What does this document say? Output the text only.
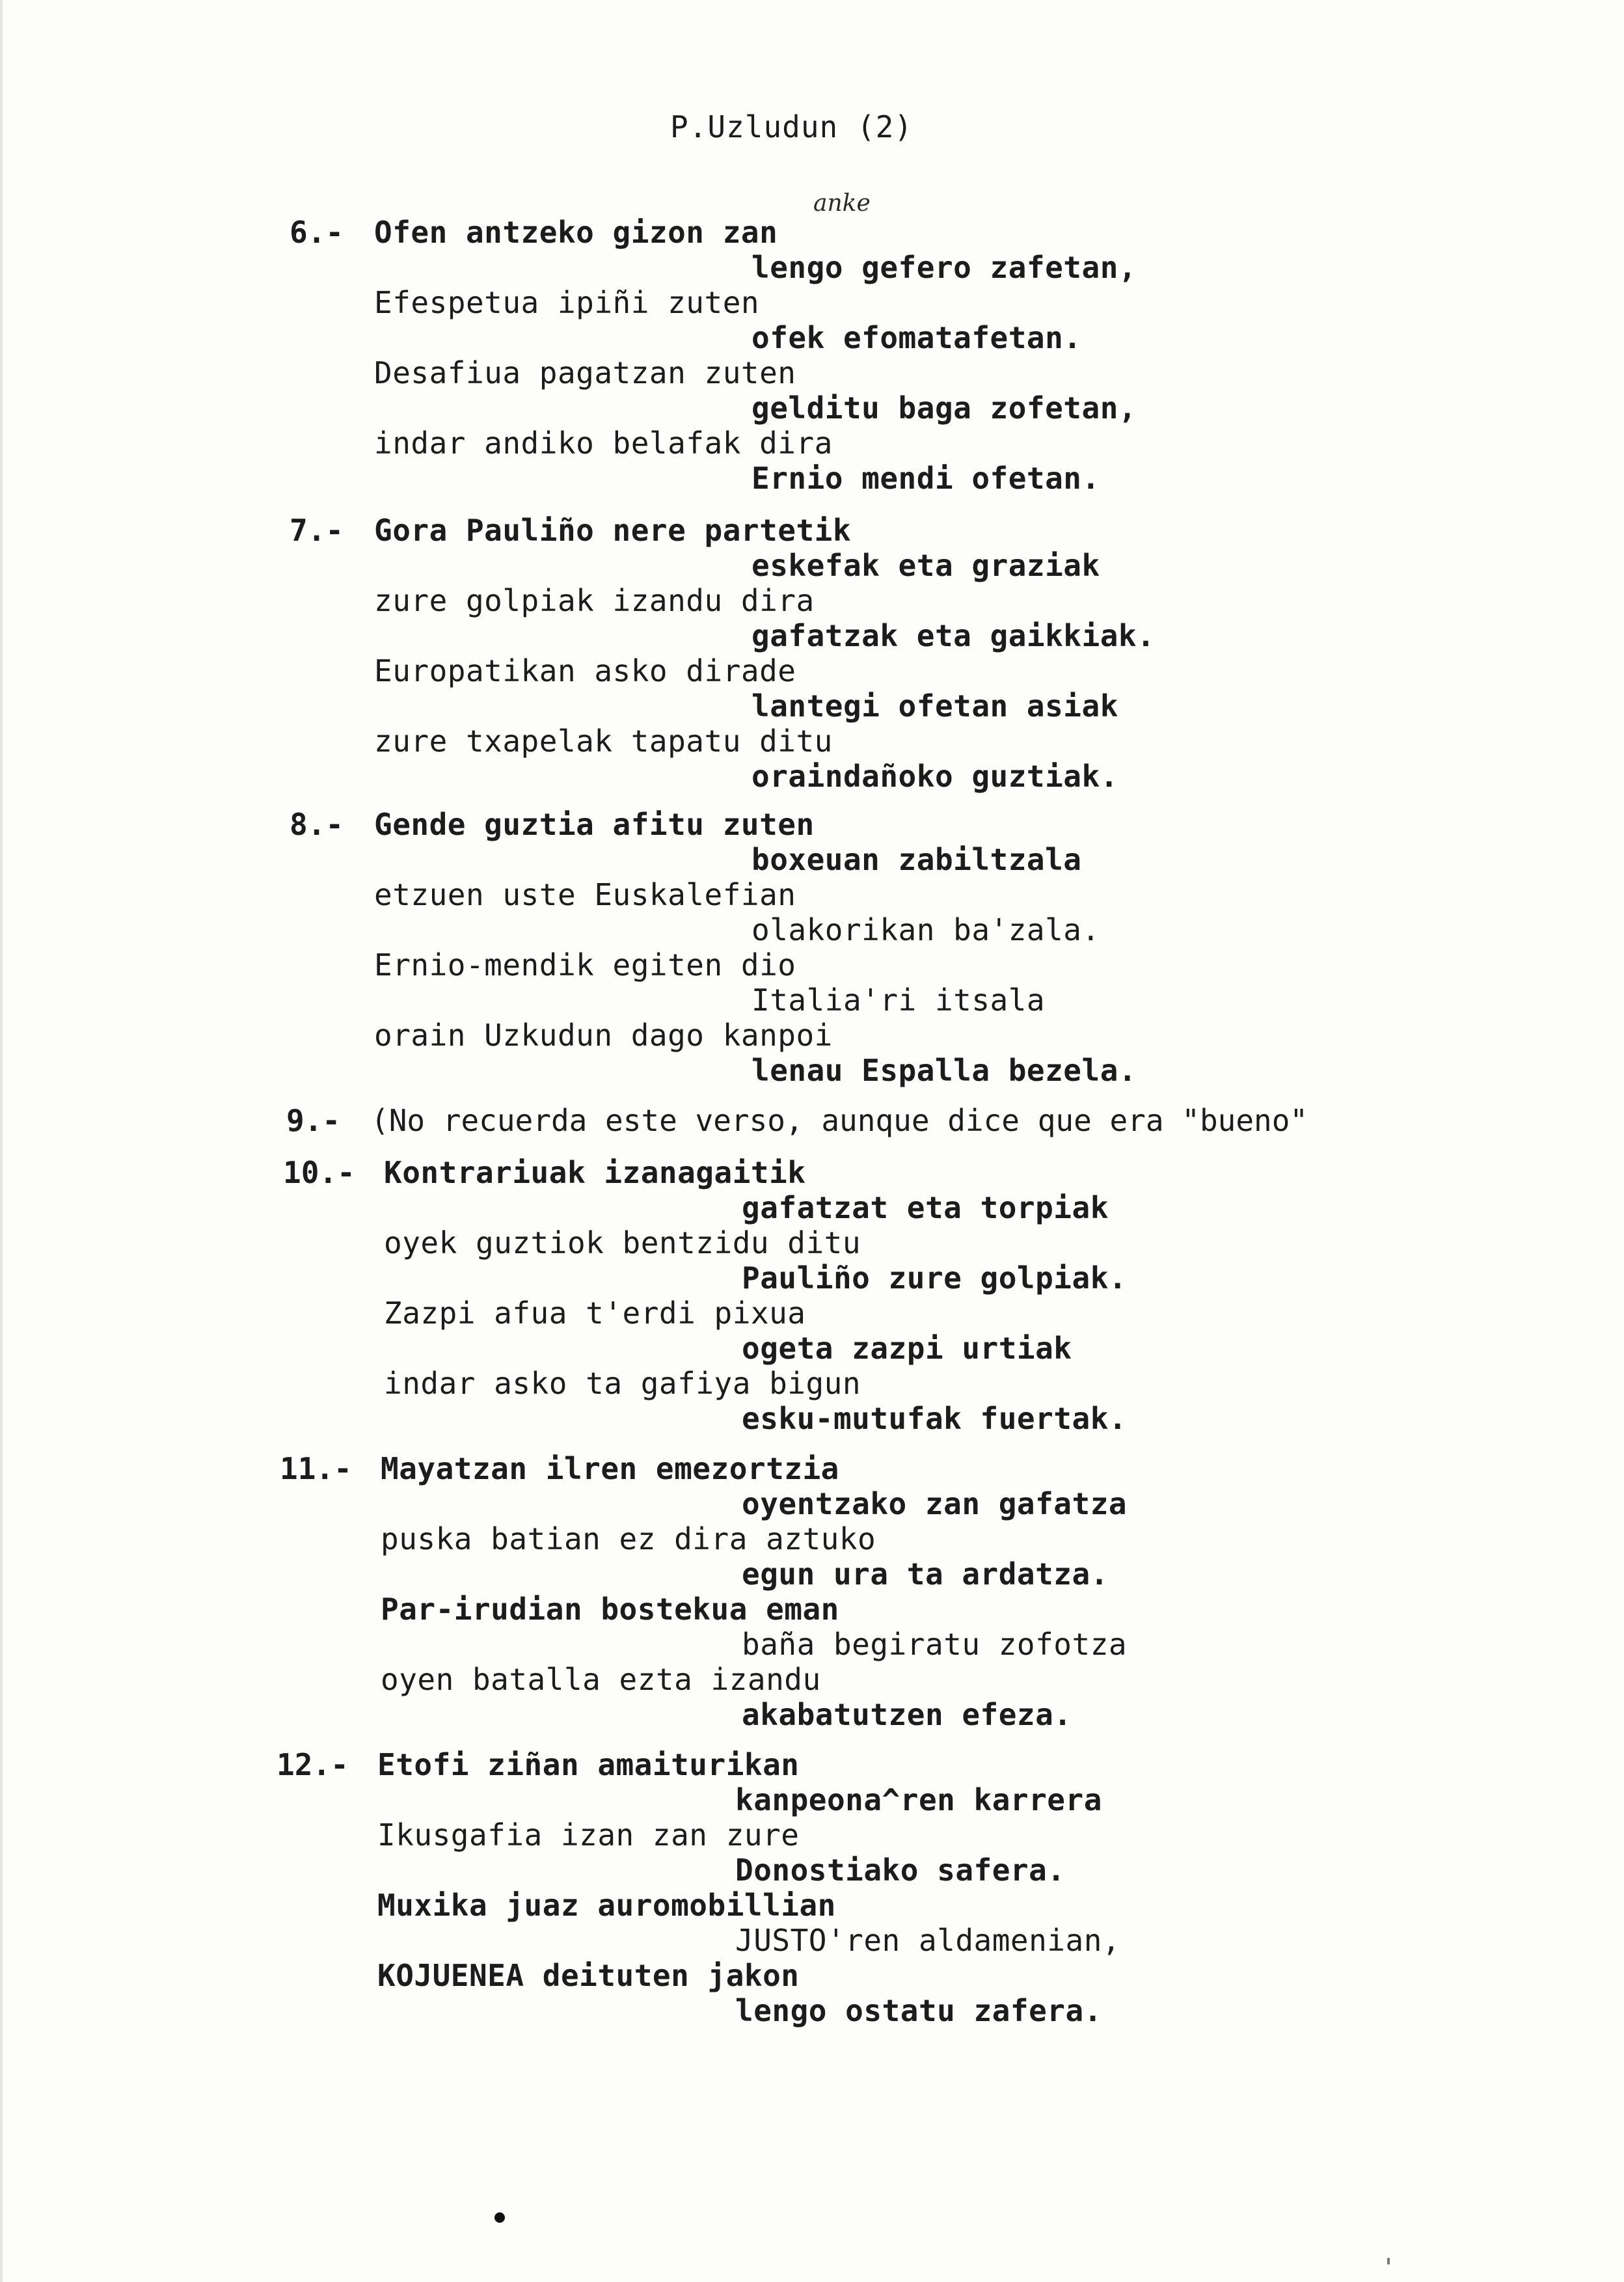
P.Uzludun (2)
anke
6.- Ofen antzeko gizon zan
lengo gefero zafetan,
Efespetua ipiñi zuten
ofek efomatafetan.
Desafiua pagatzan zuten
gelditu baga zofetan,
indar andiko belafak dira
Ernio mendi ofetan.
7.- Gora Pauliño nere partetik
eskefak eta graziak
zure golpiak izandu dira
gafatzak eta gaikkiak.
Europatikan asko dirade
lantegi ofetan asiak
zure txapelak tapatu ditu
oraindañoko guztiak.
8.- Gende guztia afitu zuten
boxeuan zabiltzala
etzuen uste Euskalefian
olakorikan ba'zala.
Ernio-mendik egiten dio
Italia'ri itsala
orain Uzkudun dago kanpoi
lenau Espalla bezela.
9.- (No recuerda este verso, aunque dice que era "bueno"
10.- Kontrariuak izanagaitik
gafatzat eta torpiak
oyek guztiok bentzidu ditu
Pauliño zure golpiak.
Zazpi afua t'erdi pixua
ogeta zazpi urtiak
indar asko ta gafiya bigun
esku-mutufak fuertak.
11.- Mayatzan ilren emezortzia
oyentzako zan gafatza
puska batian ez dira aztuko
egun ura ta ardatza.
Par-irudian bostekua eman
baña begiratu zofotza
oyen batalla ezta izandu
akabatutzen efeza.
12.- Etofi ziñan amaiturikan
kanpeona^ren karrera
Ikusgafia izan zan zure
Donostiako safera.
Muxika juaz auromobillian
JUSTO'ren aldamenian,
KOJUENEA deituten jakon
lengo ostatu zafera.
